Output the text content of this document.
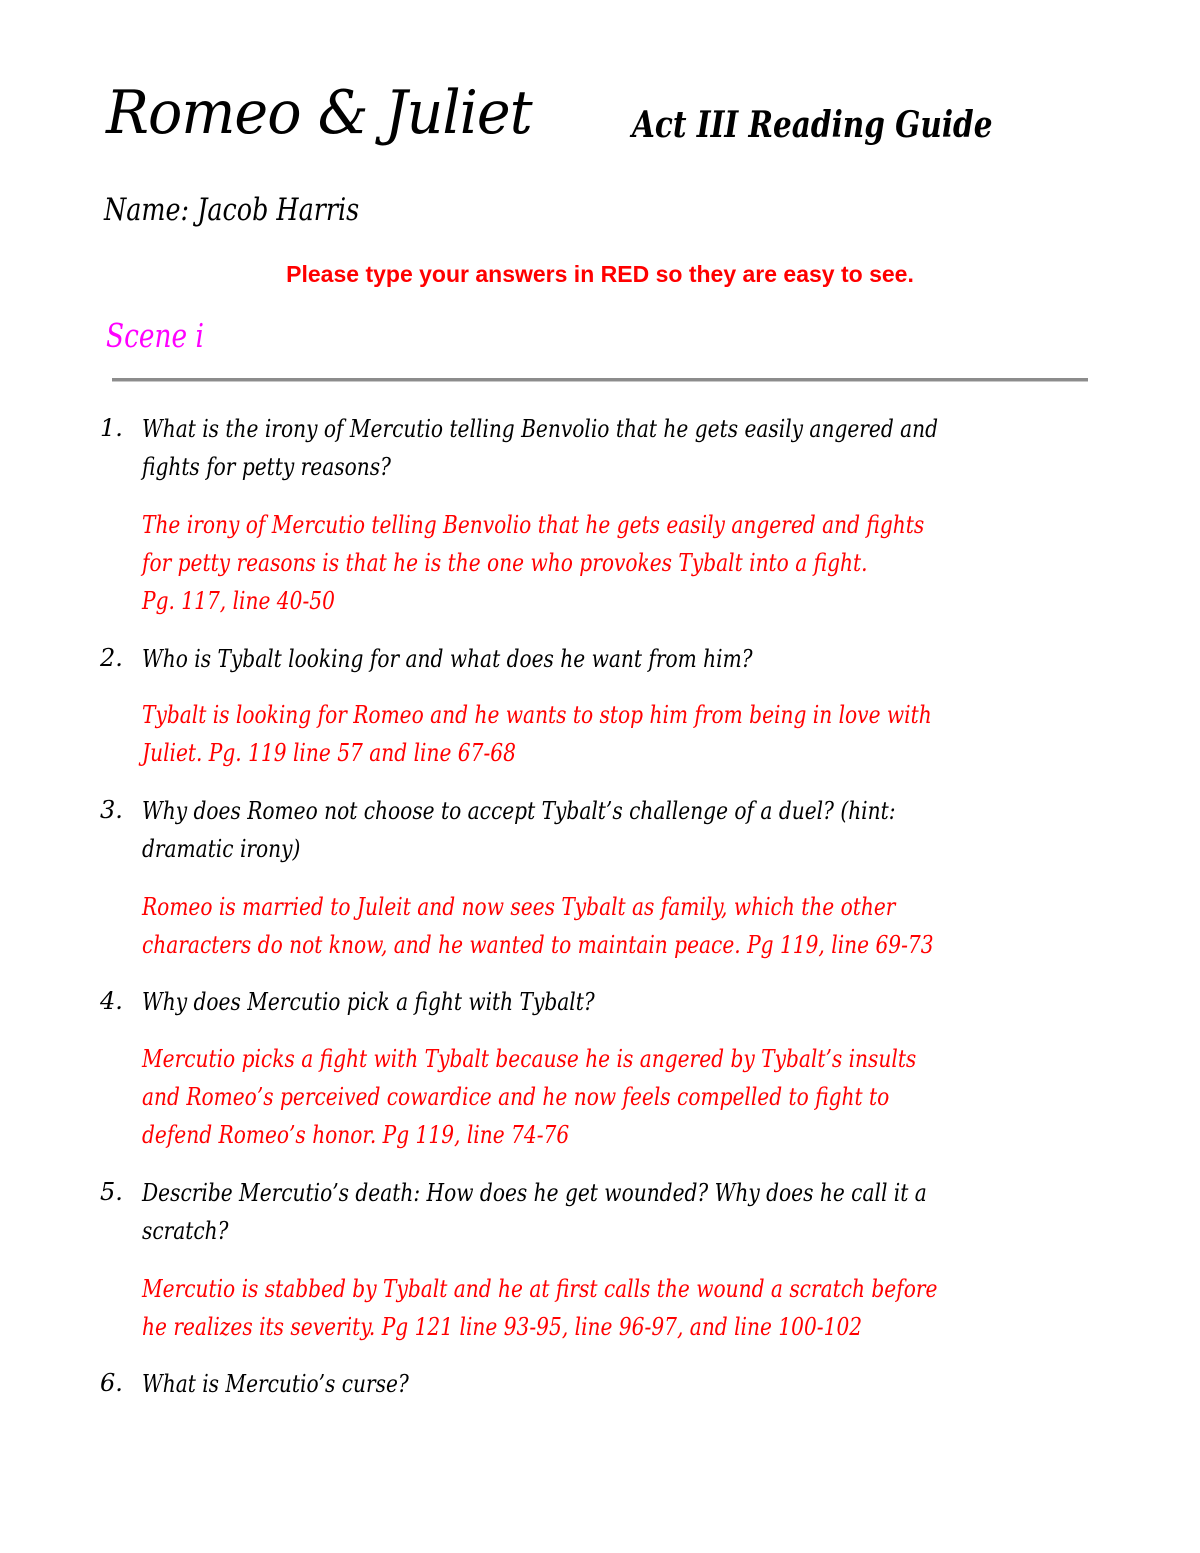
Romeo & Juliet	Act III Reading Guide
Name: Jacob Harris
Please type your answers in RED so they are easy to see.
Scene i
1. What is the irony of Mercutio telling Benvolio that he gets easily angered and
fights for petty reasons?
The irony of Mercutio telling Benvolio that he gets easily angered and fights
for petty reasons is that he is the one who provokes Tybalt into a fight.
Pg. 117, line 40-50
2. Who is Tybalt looking for and what does he want from him?
Tybalt is looking for Romeo and he wants to stop him from being in love with
Juliet. Pg. 119 line 57 and line 67-68
3. Why does Romeo not choose to accept Tybalt’s challenge of a duel? (hint:
dramatic irony)
Romeo is married to Juleit and now sees Tybalt as family, which the other
characters do not know, and he wanted to maintain peace. Pg 119, line 69-73
4. Why does Mercutio pick a fight with Tybalt?
Mercutio picks a fight with Tybalt because he is angered by Tybalt’s insults
and Romeo’s perceived cowardice and he now feels compelled to fight to
defend Romeo’s honor. Pg 119, line 74-76
5. Describe Mercutio’s death: How does he get wounded? Why does he call it a
scratch?
Mercutio is stabbed by Tybalt and he at first calls the wound a scratch before
he realizes its severity. Pg 121 line 93-95, line 96-97, and line 100-102
6. What is Mercutio’s curse?
